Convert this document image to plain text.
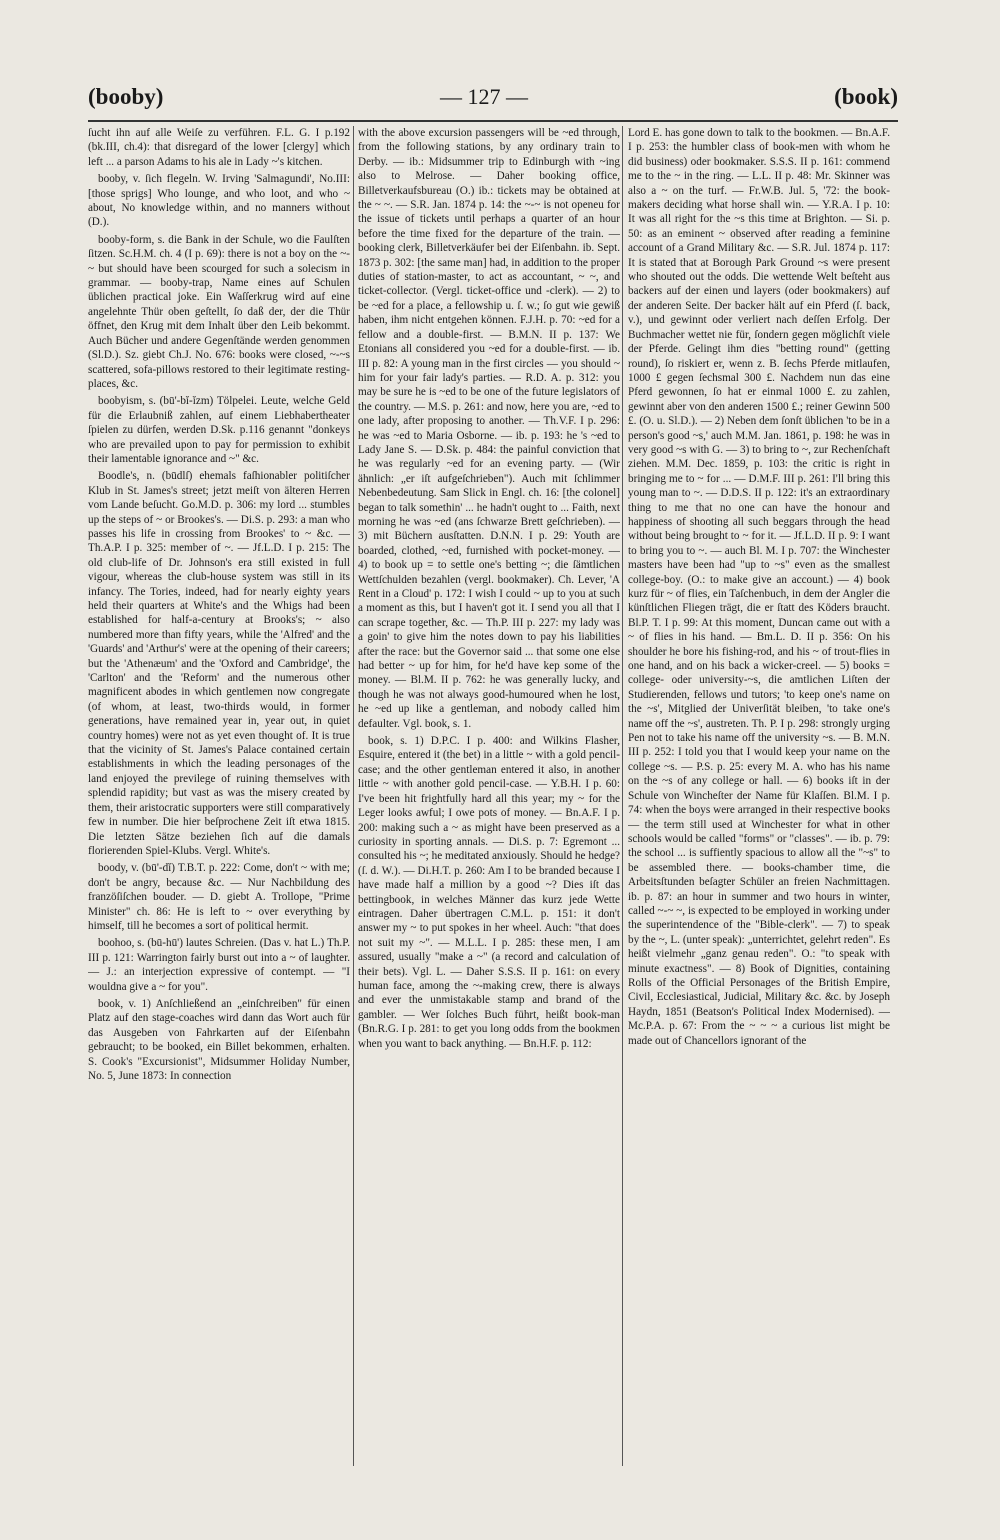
(booby)	— 127 —	(book)

ſucht ihn auf alle Weiſe zu verführen. F.L. G. I p.192 (bk.III, ch.4): that disregard of the lower [clergy] which left ... a parson Adams to his ale in Lady ~'s kitchen.

booby, v. ſich flegeln. W. Irving 'Salmagundi', No.III: [those sprigs] Who lounge, and who loot, and who ~ about, No knowledge within, and no manners without (D.).

booby-form, s. die Bank in der Schule, wo die Faulſten ſitzen. Sc.H.M. ch. 4 (I p. 69): there is not a boy on the ~-~ but should have been scourged for such a solecism in grammar. — booby-trap, Name eines auf Schulen üblichen practical joke. Ein Waſſerkrug wird auf eine angelehnte Thür oben geſtellt, ſo daß der, der die Thür öffnet, den Krug mit dem Inhalt über den Leib bekommt. Auch Bücher und andere Gegenſtände werden genommen (Sl.D.). Sz. giebt Ch.J. No. 676: books were closed, ~-~s scattered, sofa-pillows restored to their legitimate resting-places, &c.

boobyism, s. (bū'-bĭ-ĭzm) Tölpelei. Leute, welche Geld für die Erlaubniß zahlen, auf einem Liebhabertheater ſpielen zu dürfen, werden D.Sk. p.116 genannt "donkeys who are prevailed upon to pay for permission to exhibit their lamentable ignorance and ~" &c.

Boodle's, n. (būdlſ) ehemals faſhionabler politiſcher Klub in St. James's street; jetzt meiſt von älteren Herren vom Lande beſucht. Go.M.D. p. 306: my lord ... stumbles up the steps of ~ or Brookes's. — Di.S. p. 293: a man who passes his life in crossing from Brookes' to ~ &c. — Th.A.P. I p. 325: member of ~. — Jf.L.D. I p. 215: The old club-life of Dr. Johnson's era still existed in full vigour, whereas the club-house system was still in its infancy. The Tories, indeed, had for nearly eighty years held their quarters at White's and the Whigs had been established for half-a-century at Brooks's; ~ also numbered more than fifty years, while the 'Alfred' and the 'Guards' and 'Arthur's' were at the opening of their careers; but the 'Athenæum' and the 'Oxford and Cambridge', the 'Carlton' and the 'Reform' and the numerous other magnificent abodes in which gentlemen now congregate (of whom, at least, two-thirds would, in former generations, have remained year in, year out, in quiet country homes) were not as yet even thought of. It is true that the vicinity of St. James's Palace contained certain establishments in which the leading personages of the land enjoyed the previlege of ruining themselves with splendid rapidity; but vast as was the misery created by them, their aristocratic supporters were still comparatively few in number. Die hier beſprochene Zeit iſt etwa 1815. Die letzten Sätze beziehen ſich auf die damals florierenden Spiel-Klubs. Vergl. White's.

boody, v. (bū'-dĭ) T.B.T. p. 222: Come, don't ~ with me; don't be angry, because &c. — Nur Nachbildung des franzöſiſchen bouder. — D. giebt A. Trollope, "Prime Minister" ch. 86: He is left to ~ over everything by himself, till he becomes a sort of political hermit.

boohoo, s. (bū-hū') lautes Schreien. (Das v. hat L.) Th.P. III p. 121: Warrington fairly burst out into a ~ of laughter. — J.: an interjection expressive of contempt. — "I wouldna give a ~ for you".

book, v. 1) Anſchließend an „einſchreiben" für einen Platz auf den stage-coaches wird dann das Wort auch für das Ausgeben von Fahrkarten auf der Eiſenbahn gebraucht; to be booked, ein Billet bekommen, erhalten. S. Cook's "Excursionist", Midsummer Holiday Number, No. 5, June 1873: In connection

with the above excursion passengers will be ~ed through, from the following stations, by any ordinary train to Derby. — ib.: Midsummer trip to Edinburgh with ~ing also to Melrose. — Daher booking office, Billetverkaufsbureau (O.) ib.: tickets may be obtained at the ~ ~. — S.R. Jan. 1874 p. 14: the ~-~ is not openeu for the issue of tickets until perhaps a quarter of an hour before the time fixed for the departure of the train. — booking clerk, Billetverkäufer bei der Eiſenbahn. ib. Sept. 1873 p. 302: [the same man] had, in addition to the proper duties of station-master, to act as accountant, ~ ~, and ticket-collector. (Vergl. ticket-office und -clerk). — 2) to be ~ed for a place, a fellowship u. ſ. w.; ſo gut wie gewiß haben, ihm nicht entgehen können. F.J.H. p. 70: ~ed for a fellow and a double-first. — B.M.N. II p. 137: We Etonians all considered you ~ed for a double-first. — ib. III p. 82: A young man in the first circles — you should ~ him for your fair lady's parties. — R.D. A. p. 312: you may be sure he is ~ed to be one of the future legislators of the country. — M.S. p. 261: and now, here you are, ~ed to one lady, after proposing to another. — Th.V.F. I p. 296: he was ~ed to Maria Osborne. — ib. p. 193: he 's ~ed to Lady Jane S. — D.Sk. p. 484: the painful conviction that he was regularly ~ed for an evening party. — (Wir ähnlich: „er iſt aufgeſchrieben"). Auch mit ſchlimmer Nebenbedeutung. Sam Slick in Engl. ch. 16: [the colonel] began to talk somethin' ... he hadn't ought to ... Faith, next morning he was ~ed (ans ſchwarze Brett geſchrieben). — 3) mit Büchern ausſtatten. D.N.N. I p. 29: Youth are boarded, clothed, ~ed, furnished with pocket-money. — 4) to book up = to settle one's betting ~; die ſämtlichen Wettſchulden bezahlen (vergl. bookmaker). Ch. Lever, 'A Rent in a Cloud' p. 172: I wish I could ~ up to you at such a moment as this, but I haven't got it. I send you all that I can scrape together, &c. — Th.P. III p. 227: my lady was a goin' to give him the notes down to pay his liabilities after the race: but the Governor said ... that some one else had better ~ up for him, for he'd have kep some of the money. — Bl.M. II p. 762: he was generally lucky, and though he was not always good-humoured when he lost, he ~ed up like a gentleman, and nobody called him defaulter. Vgl. book, s. 1.

book, s. 1) D.P.C. I p. 400: and Wilkins Flasher, Esquire, entered it (the bet) in a little ~ with a gold pencil-case; and the other gentleman entered it also, in another little ~ with another gold pencil-case. — Y.B.H. I p. 60: I've been hit frightfully hard all this year; my ~ for the Leger looks awful; I owe pots of money. — Bn.A.F. I p. 200: making such a ~ as might have been preserved as a curiosity in sporting annals. — Di.S. p. 7: Egremont ... consulted his ~; he meditated anxiously. Should he hedge? (ſ. d. W.). — Di.H.T. p. 260: Am I to be branded because I have made half a million by a good ~? Dies iſt das bettingbook, in welches Männer das kurz jede Wette eintragen. Daher übertragen C.M.L. p. 151: it don't answer my ~ to put spokes in her wheel. Auch: "that does not suit my ~". — M.L.L. I p. 285: these men, I am assured, usually "make a ~" (a record and calculation of their bets). Vgl. L. — Daher S.S.S. II p. 161: on every human face, among the ~-making crew, there is always and ever the unmistakable stamp and brand of the gambler. — Wer ſolches Buch führt, heißt book-man (Bn.R.G. I p. 281: to get you long odds from the bookmen when you want to back anything. — Bn.H.F. p. 112:

Lord E. has gone down to talk to the bookmen. — Bn.A.F. I p. 253: the humbler class of book-men with whom he did business) oder bookmaker. S.S.S. II p. 161: commend me to the ~ in the ring. — L.L. II p. 48: Mr. Skinner was also a ~ on the turf. — Fr.W.B. Jul. 5, '72: the book-makers deciding what horse shall win. — Y.R.A. I p. 10: It was all right for the ~s this time at Brighton. — Si. p. 50: as an eminent ~ observed after reading a feminine account of a Grand Military &c. — S.R. Jul. 1874 p. 117: It is stated that at Borough Park Ground ~s were present who shouted out the odds. Die wettende Welt beſteht aus backers auf der einen und layers (oder bookmakers) auf der anderen Seite. Der backer hält auf ein Pferd (ſ. back, v.), und gewinnt oder verliert nach deſſen Erfolg. Der Buchmacher wettet nie für, ſondern gegen möglichſt viele der Pferde. Gelingt ihm dies "betting round" (getting round), ſo riskiert er, wenn z. B. ſechs Pferde mitlaufen, 1000 £ gegen ſechsmal 300 £. Nachdem nun das eine Pferd gewonnen, ſo hat er einmal 1000 £. zu zahlen, gewinnt aber von den anderen 1500 £.; reiner Gewinn 500 £. (O. u. Sl.D.). — 2) Neben dem ſonſt üblichen 'to be in a person's good ~s,' auch M.M. Jan. 1861, p. 198: he was in very good ~s with G. — 3) to bring to ~, zur Rechenſchaft ziehen. M.M. Dec. 1859, p. 103: the critic is right in bringing me to ~ for ... — D.M.F. III p. 261: I'll bring this young man to ~. — D.D.S. II p. 122: it's an extraordinary thing to me that no one can have the honour and happiness of shooting all such beggars through the head without being brought to ~ for it. — Jf.L.D. II p. 9: I want to bring you to ~. — auch Bl. M. I p. 707: the Winchester masters have been had "up to ~s" even as the smallest college-boy. (O.: to make give an account.) — 4) book kurz für ~ of flies, ein Taſchenbuch, in dem der Angler die künſtlichen Fliegen trägt, die er ſtatt des Köders braucht. Bl.P. T. I p. 99: At this moment, Duncan came out with a ~ of flies in his hand. — Bm.L. D. II p. 356: On his shoulder he bore his fishing-rod, and his ~ of trout-flies in one hand, and on his back a wicker-creel. — 5) books = college- oder university-~s, die amtlichen Liſten der Studierenden, fellows und tutors; 'to keep one's name on the ~s', Mitglied der Univerſität bleiben, 'to take one's name off the ~s', austreten. Th. P. I p. 298: strongly urging Pen not to take his name off the university ~s. — B. M.N. III p. 252: I told you that I would keep your name on the college ~s. — P.S. p. 25: every M. A. who has his name on the ~s of any college or hall. — 6) books iſt in der Schule von Wincheſter der Name für Klaſſen. Bl.M. I p. 74: when the boys were arranged in their respective books — the term still used at Winchester for what in other schools would be called "forms" or "classes". — ib. p. 79: the school ... is suffiently spacious to allow all the "~s" to be assembled there. — books-chamber time, die Arbeitsſtunden beſagter Schüler an freien Nachmittagen. ib. p. 87: an hour in summer and two hours in winter, called ~-~ ~, is expected to be employed in working under the superintendence of the "Bible-clerk". — 7) to speak by the ~, L. (unter speak): „unterrichtet, gelehrt reden". Es heißt vielmehr „ganz genau reden". O.: "to speak with minute exactness". — 8) Book of Dignities, containing Rolls of the Official Personages of the British Empire, Civil, Ecclesiastical, Judicial, Military &c. &c. by Joseph Haydn, 1851 (Beatson's Political Index Modernised). — Mc.P.A. p. 67: From the ~ ~ ~ a curious list might be made out of Chancellors ignorant of the
